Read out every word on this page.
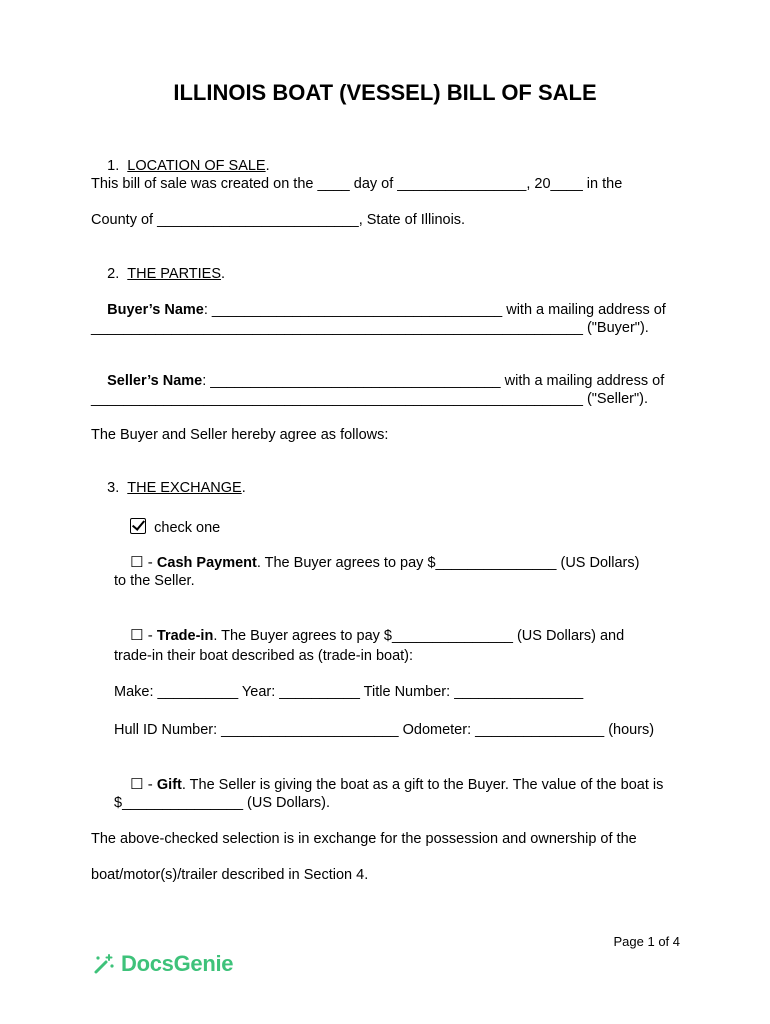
ILLINOIS BOAT (VESSEL) BILL OF SALE

1. LOCATION OF SALE.

This bill of sale was created on the ____ day of ________________, 20____ in the
County of _________________________, State of Illinois.

2. THE PARTIES.

Buyer’s Name: ____________________________________ with a mailing address of

_____________________________________________________________ ("Buyer").

Seller’s Name: ____________________________________ with a mailing address of

_____________________________________________________________ ("Seller").
The Buyer and Seller hereby agree as follows:

3. THE EXCHANGE.

check one

☐ - Cash Payment. The Buyer agrees to pay $_______________ (US Dollars)

to the Seller.

☐ - Trade-in. The Buyer agrees to pay $_______________ (US Dollars) and

trade-in their boat described as (trade-in boat):
Make: __________ Year: __________ Title Number: ________________
Hull ID Number: ______________________ Odometer: ________________ (hours)

☐ - Gift. The Seller is giving the boat as a gift to the Buyer. The value of the boat is

$_______________ (US Dollars).
The above-checked selection is in exchange for the possession and ownership of the
boat/motor(s)/trailer described in Section 4.
Page 1 of 4
DocsGenie
